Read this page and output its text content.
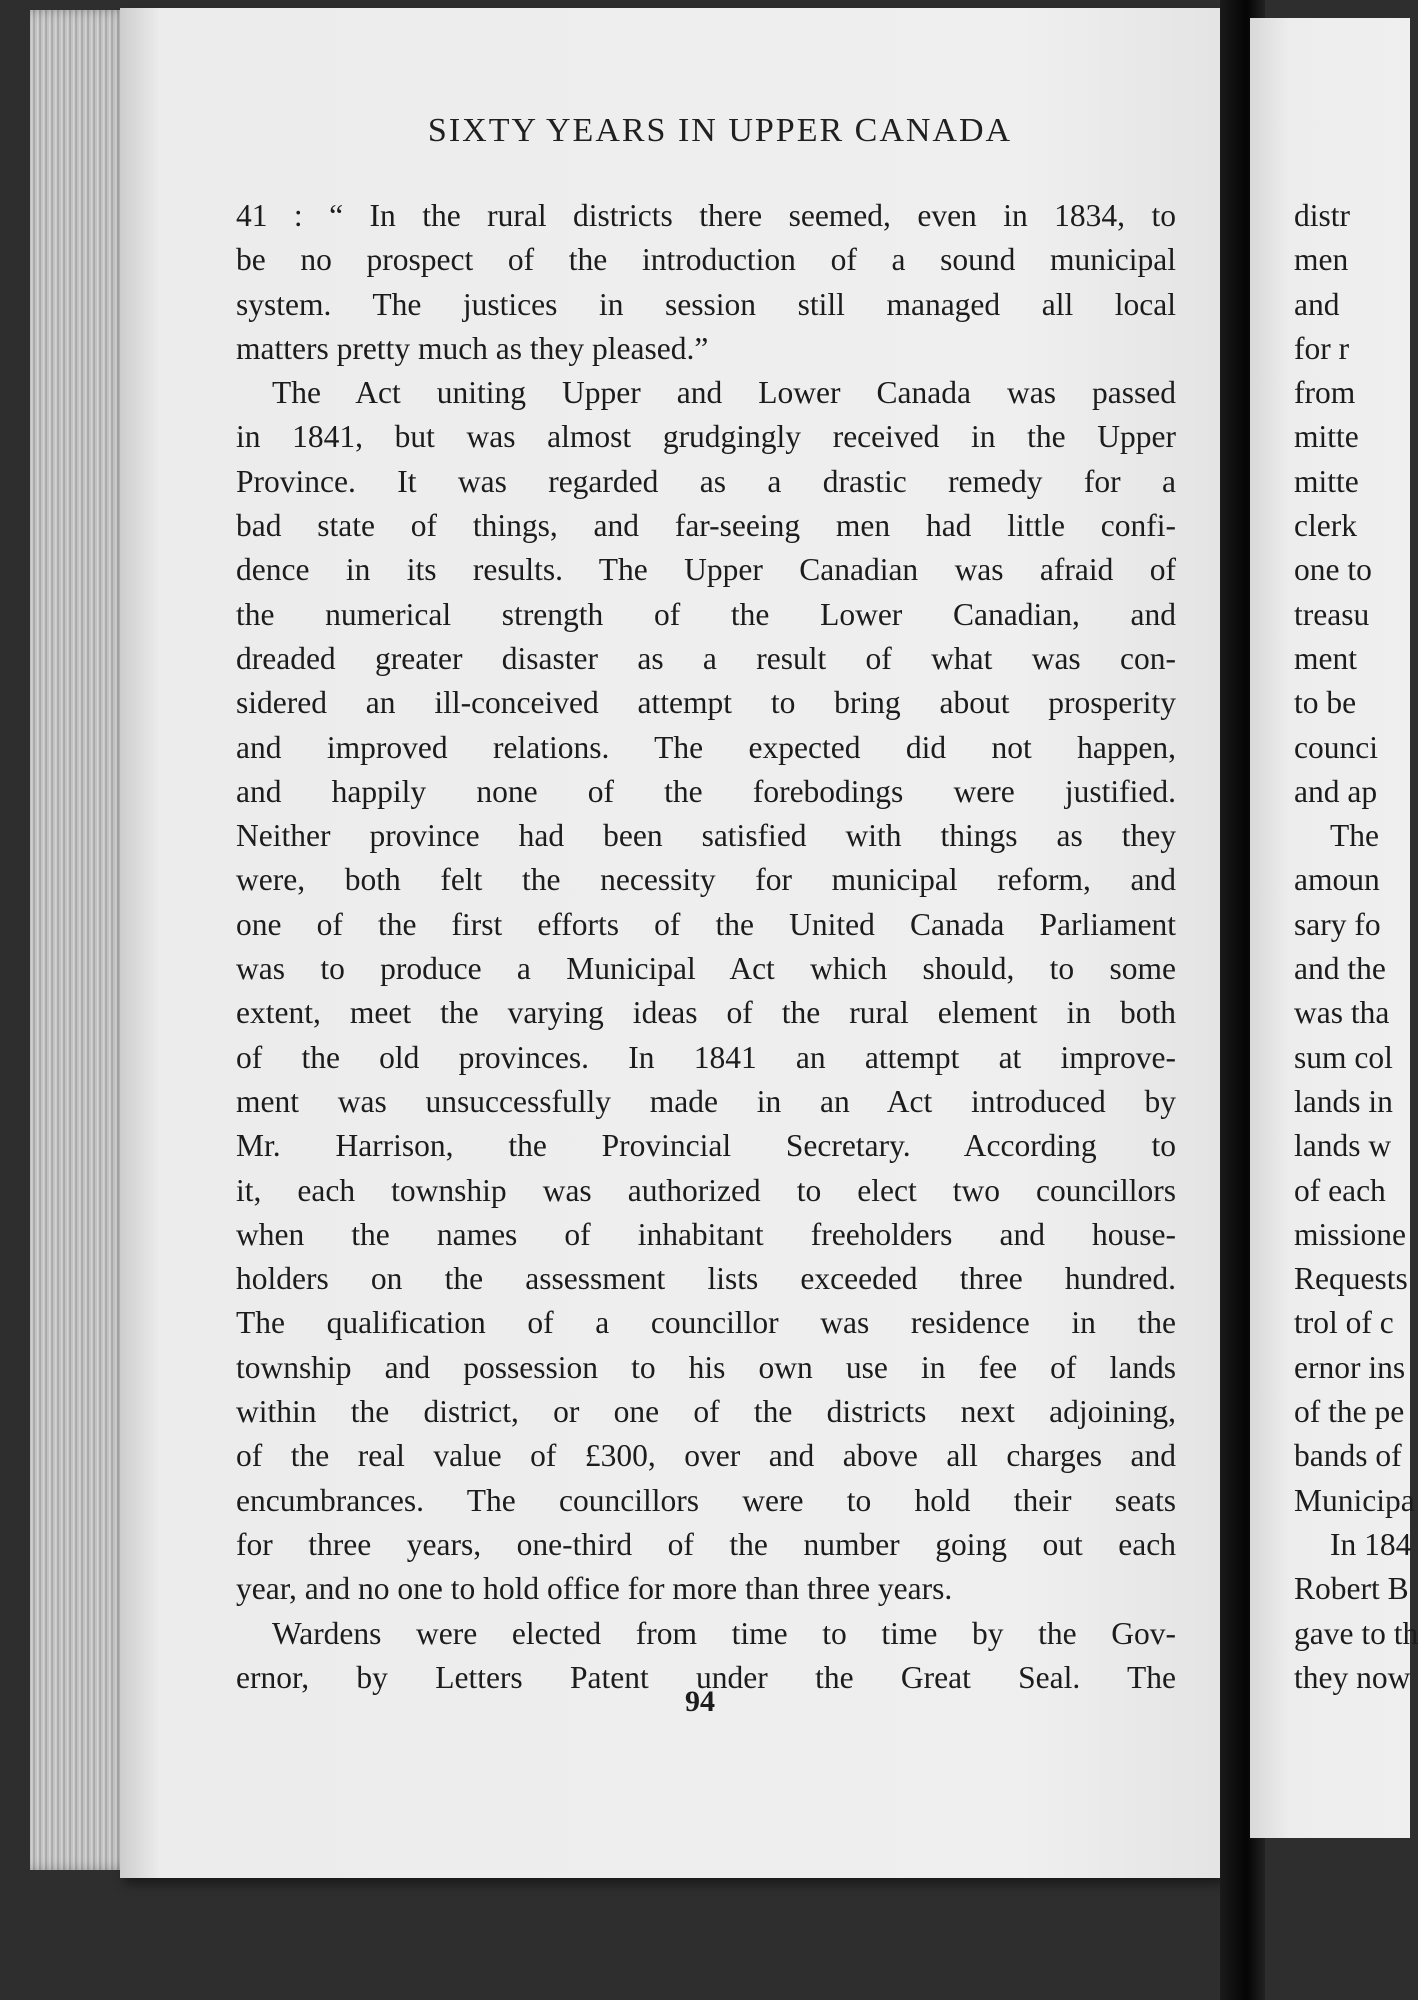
SIXTY YEARS IN UPPER CANADA
41 : “ In the rural districts there seemed, even in 1834, to
be no prospect of the introduction of a sound municipal
system. The justices in session still managed all local
matters pretty much as they pleased.”
The Act uniting Upper and Lower Canada was passed
in 1841, but was almost grudgingly received in the Upper
Province. It was regarded as a drastic remedy for a
bad state of things, and far-seeing men had little confi-
dence in its results. The Upper Canadian was afraid of
the numerical strength of the Lower Canadian, and
dreaded greater disaster as a result of what was con-
sidered an ill-conceived attempt to bring about prosperity
and improved relations. The expected did not happen,
and happily none of the forebodings were justified.
Neither province had been satisfied with things as they
were, both felt the necessity for municipal reform, and
one of the first efforts of the United Canada Parliament
was to produce a Municipal Act which should, to some
extent, meet the varying ideas of the rural element in both
of the old provinces. In 1841 an attempt at improve-
ment was unsuccessfully made in an Act introduced by
Mr. Harrison, the Provincial Secretary. According to
it, each township was authorized to elect two councillors
when the names of inhabitant freeholders and house-
holders on the assessment lists exceeded three hundred.
The qualification of a councillor was residence in the
township and possession to his own use in fee of lands
within the district, or one of the districts next adjoining,
of the real value of £300, over and above all charges and
encumbrances. The councillors were to hold their seats
for three years, one-third of the number going out each
year, and no one to hold office for more than three years.
Wardens were elected from time to time by the Gov-
ernor, by Letters Patent under the Great Seal. The
94
distr
men
and
for r
from
mitte
mitte
clerk
one to
treasu
ment
to be
counci
and ap
The
amoun
sary fo
and the
was tha
sum col
lands in
lands w
of each
missione
Requests
trol of c
ernor ins
of the pe
bands of
Municipa
In 184
Robert B
gave to th
they now
